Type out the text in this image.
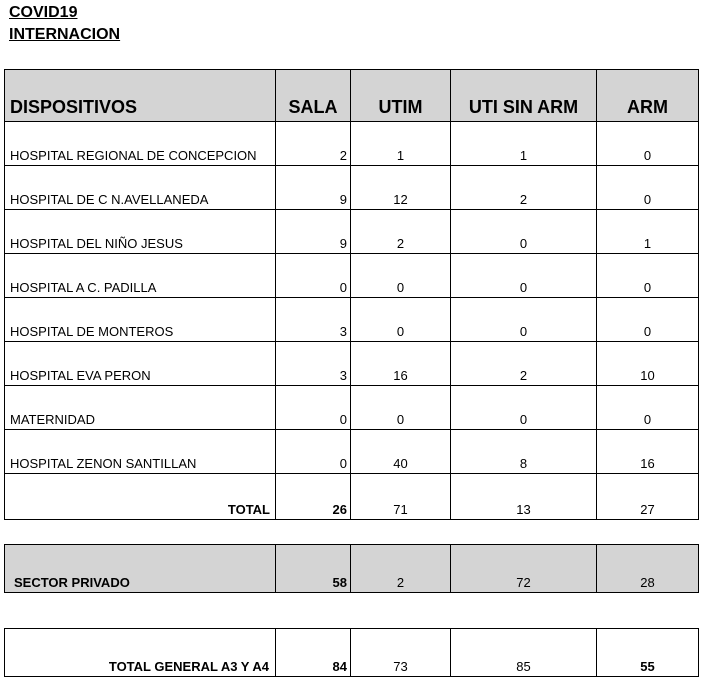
COVID19
INTERNACION
DISPOSITIVOS	SALA	UTIM	UTI SIN ARM	ARM
HOSPITAL REGIONAL DE CONCEPCION	2	1	1	0
HOSPITAL DE C N.AVELLANEDA	9	12	2	0
HOSPITAL DEL NIÑO JESUS	9	2	0	1
HOSPITAL A C. PADILLA	0	0	0	0
HOSPITAL DE MONTEROS	3	0	0	0
HOSPITAL EVA PERON	3	16	2	10
MATERNIDAD	0	0	0	0
HOSPITAL ZENON SANTILLAN	0	40	8	16
TOTAL	26	71	13	27
SECTOR PRIVADO	58	2	72	28
TOTAL GENERAL A3 Y A4	84	73	85	55
